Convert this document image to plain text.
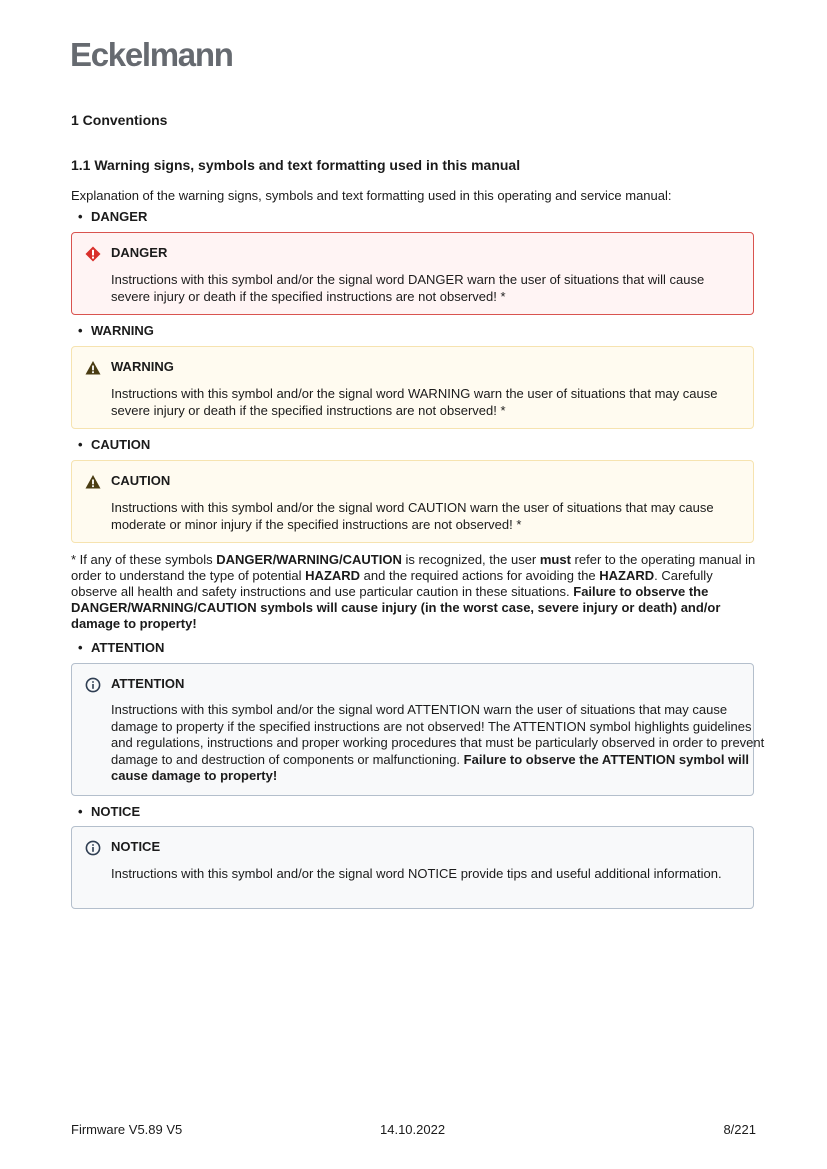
Eckelmann
1 Conventions
1.1 Warning signs, symbols and text formatting used in this manual
Explanation of the warning signs, symbols and text formatting used in this operating and service manual:
• DANGER
DANGER
Instructions with this symbol and/or the signal word DANGER warn the user of situations that will cause severe injury or death if the specified instructions are not observed! *
• WARNING
WARNING
Instructions with this symbol and/or the signal word WARNING warn the user of situations that may cause severe injury or death if the specified instructions are not observed! *
• CAUTION
CAUTION
Instructions with this symbol and/or the signal word CAUTION warn the user of situations that may cause moderate or minor injury if the specified instructions are not observed! *
* If any of these symbols DANGER/WARNING/CAUTION is recognized, the user must refer to the operating manual in order to understand the type of potential HAZARD and the required actions for avoiding the HAZARD. Carefully observe all health and safety instructions and use particular caution in these situations. Failure to observe the DANGER/WARNING/CAUTION symbols will cause injury (in the worst case, severe injury or death) and/or damage to property!
• ATTENTION
ATTENTION
Instructions with this symbol and/or the signal word ATTENTION warn the user of situations that may cause damage to property if the specified instructions are not observed! The ATTENTION symbol highlights guidelines and regulations, instructions and proper working procedures that must be particularly observed in order to prevent damage to and destruction of components or malfunctioning. Failure to observe the ATTENTION symbol will cause damage to property!
• NOTICE
NOTICE
Instructions with this symbol and/or the signal word NOTICE provide tips and useful additional information.
Firmware V5.89 V5	14.10.2022	8/221
